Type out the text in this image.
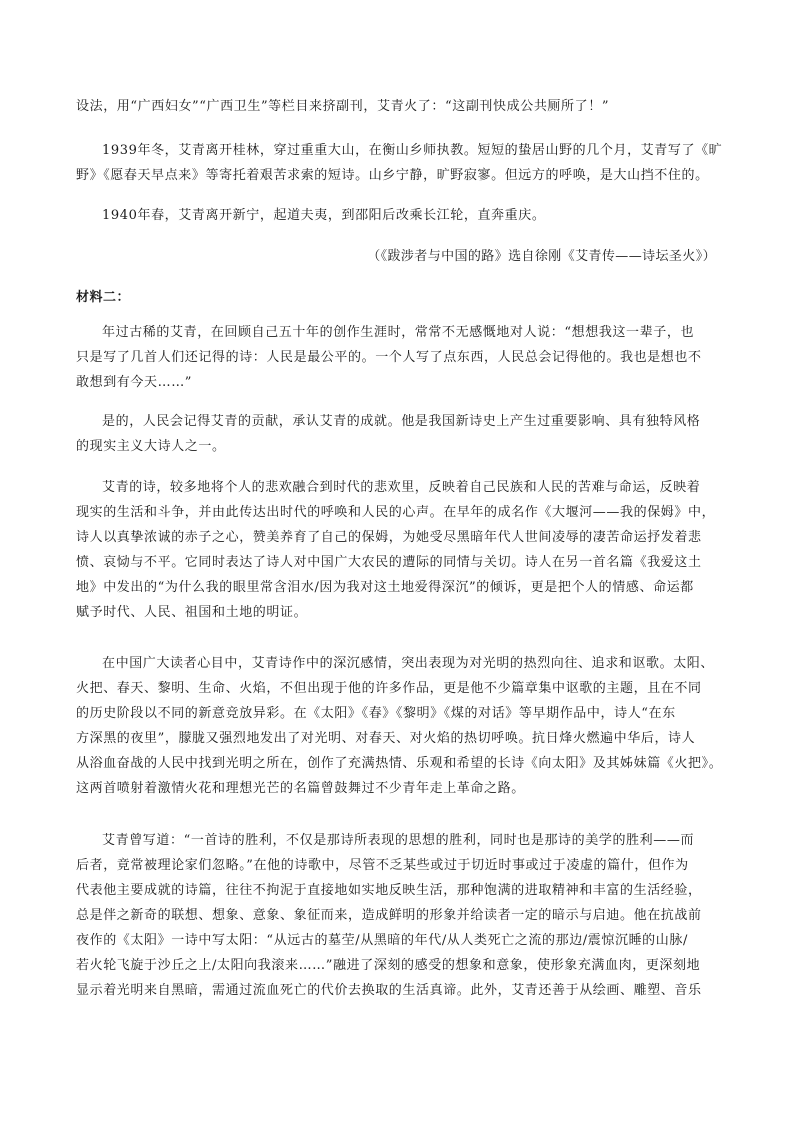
设法，用“广西妇女”“广西卫生”等栏目来挤副刊，艾青火了：“这副刊快成公共厕所了！”
1939年冬，艾青离开桂林，穿过重重大山，在衡山乡师执教。短短的蛰居山野的几个月，艾青写了《旷
野》《愿春天早点来》等寄托着艰苦求索的短诗。山乡宁静，旷野寂寥。但远方的呼唤，是大山挡不住的。
1940年春，艾青离开新宁，起道夫夷，到邵阳后改乘长江轮，直奔重庆。
（《跋涉者与中国的路》选自徐刚《艾青传——诗坛圣火》）
材料二：
年过古稀的艾青，在回顾自己五十年的创作生涯时，常常不无感慨地对人说：“想想我这一辈子，也
只是写了几首人们还记得的诗：人民是最公平的。一个人写了点东西，人民总会记得他的。我也是想也不
敢想到有今天……”
是的，人民会记得艾青的贡献，承认艾青的成就。他是我国新诗史上产生过重要影响、具有独特风格
的现实主义大诗人之一。
艾青的诗，较多地将个人的悲欢融合到时代的悲欢里，反映着自己民族和人民的苦难与命运，反映着
现实的生活和斗争，并由此传达出时代的呼唤和人民的心声。在早年的成名作《大堰河——我的保姆》中，
诗人以真挚浓诚的赤子之心，赞美养育了自己的保姆，为她受尽黑暗年代人世间凌辱的凄苦命运抒发着悲
愤、哀恸与不平。它同时表达了诗人对中国广大农民的遭际的同情与关切。诗人在另一首名篇《我爱这土
地》中发出的“为什么我的眼里常含泪水/因为我对这土地爱得深沉”的倾诉，更是把个人的情感、命运都
赋予时代、人民、祖国和土地的明证。
在中国广大读者心目中，艾青诗作中的深沉感情，突出表现为对光明的热烈向往、追求和讴歌。太阳、
火把、春天、黎明、生命、火焰，不但出现于他的许多作品，更是他不少篇章集中讴歌的主题，且在不同
的历史阶段以不同的新意竞放异彩。在《太阳》《春》《黎明》《煤的对话》等早期作品中，诗人“在东
方深黑的夜里”，朦胧又强烈地发出了对光明、对春天、对火焰的热切呼唤。抗日烽火燃遍中华后，诗人
从浴血奋战的人民中找到光明之所在，创作了充满热情、乐观和希望的长诗《向太阳》及其姊妹篇《火把》。
这两首喷射着激情火花和理想光芒的名篇曾鼓舞过不少青年走上革命之路。
艾青曾写道：“一首诗的胜利，不仅是那诗所表现的思想的胜利，同时也是那诗的美学的胜利——而
后者，竟常被理论家们忽略。”在他的诗歌中，尽管不乏某些或过于切近时事或过于凌虚的篇什，但作为
代表他主要成就的诗篇，往往不拘泥于直接地如实地反映生活，那种饱满的进取精神和丰富的生活经验，
总是伴之新奇的联想、想象、意象、象征而来，造成鲜明的形象并给读者一定的暗示与启迪。他在抗战前
夜作的《太阳》一诗中写太阳：“从远古的墓茔/从黑暗的年代/从人类死亡之流的那边/震惊沉睡的山脉/
若火轮飞旋于沙丘之上/太阳向我滚来……”融进了深刻的感受的想象和意象，使形象充满血肉，更深刻地
显示着光明来自黑暗，需通过流血死亡的代价去换取的生活真谛。此外，艾青还善于从绘画、雕塑、音乐
